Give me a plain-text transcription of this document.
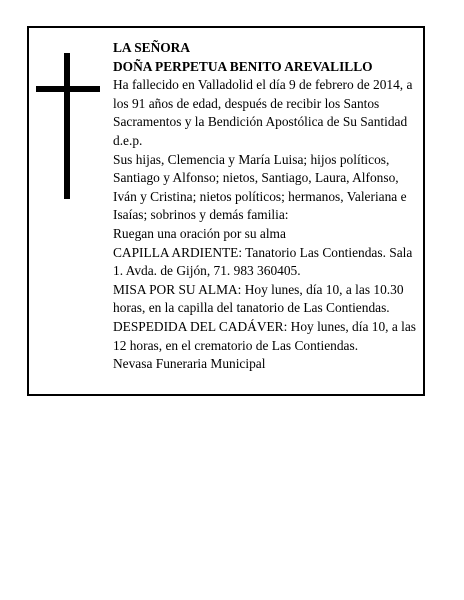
LA SEÑORA

DOÑA PERPETUA BENITO AREVALILLO

Ha fallecido en Valladolid el día 9 de febrero de 2014, a los 91 años de edad, después de recibir los Santos Sacramentos y la Bendición Apostólica de Su Santidad d.e.p.

Sus hijas, Clemencia y María Luisa; hijos políticos, Santiago y Alfonso; nietos, Santiago, Laura, Alfonso, Iván y Cristina; nietos políticos; hermanos, Valeriana e Isaías; sobrinos y demás familia:

Ruegan una oración por su alma

CAPILLA ARDIENTE: Tanatorio Las Contiendas. Sala 1. Avda. de Gijón, 71. 983 360405.

MISA POR SU ALMA: Hoy lunes, día 10, a las 10.30 horas, en la capilla del tanatorio de Las Contiendas.

DESPEDIDA DEL CADÁVER: Hoy lunes, día 10, a las 12 horas, en el crematorio de Las Contiendas.

Nevasa Funeraria Municipal
